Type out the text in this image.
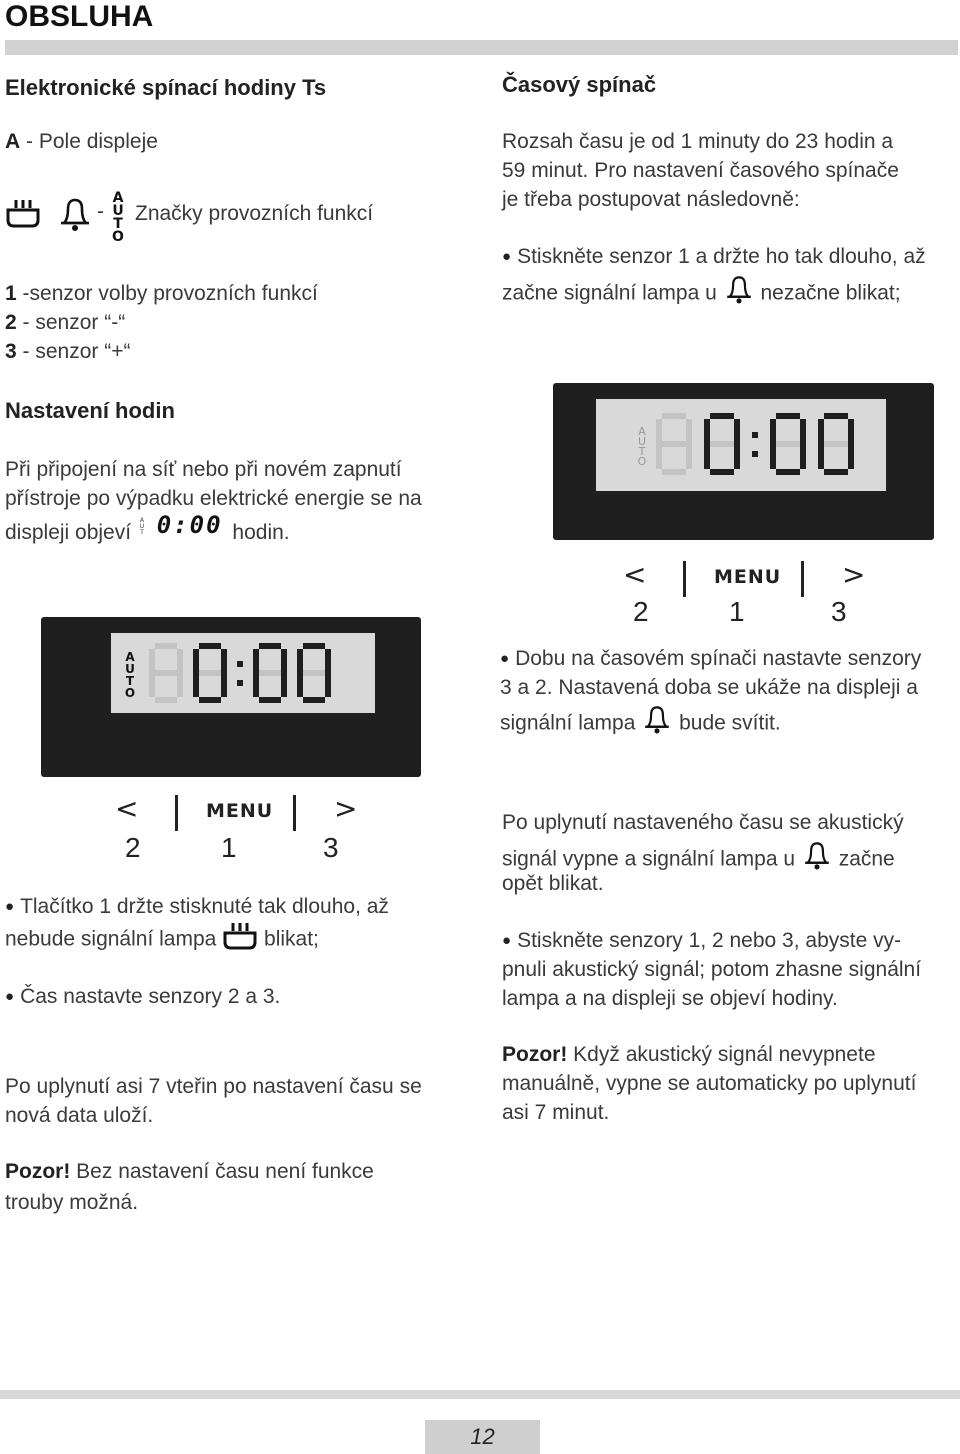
OBSLUHA
Elektronické spínací hodiny Ts

A - Pole displeje

-
A
U
T
O

Značky provozních funkcí

1 -senzor volby provozních funkcí

2 - senzor “-“

3 - senzor “+“

Nastavení hodin

Při připojení na síť nebo při novém zapnutí

přístroje po výpadku elektrické energie se na

displeji objeví A
U
T 0:00 hodin.

A
U
T
O
<	MENU >
2	1	3

● Tlačítko 1 držte stisknuté tak dlouho, až

nebude signální lampa blikat;

● Čas nastavte senzory 2 a 3.

Po uplynutí asi 7 vteřin po nastavení času se

nová data uloží.

Pozor! Bez nastavení času není funkce

trouby možná.

Časový spínač

Rozsah času je od 1 minuty do 23 hodin a

59 minut. Pro nastavení časového spínače

je třeba postupovat následovně:

● Stiskněte senzor 1 a držte ho tak dlouho, až

začne signální lampa u nezačne blikat;

A
U
T
O
<	MENU >
2	1	3

● Dobu na časovém spínači nastavte senzory

3 a 2. Nastavená doba se ukáže na displeji a

signální lampa bude svítit.

Po uplynutí nastaveného času se akustický

signál vypne a signální lampa u začne

opět blikat.

● Stiskněte senzory 1, 2 nebo 3, abyste vy-

pnuli akustický signál; potom zhasne signální

lampa a na displeji se objeví hodiny.

Pozor! Když akustický signál nevypnete

manuálně, vypne se automaticky po uplynutí

asi 7 minut.

12
